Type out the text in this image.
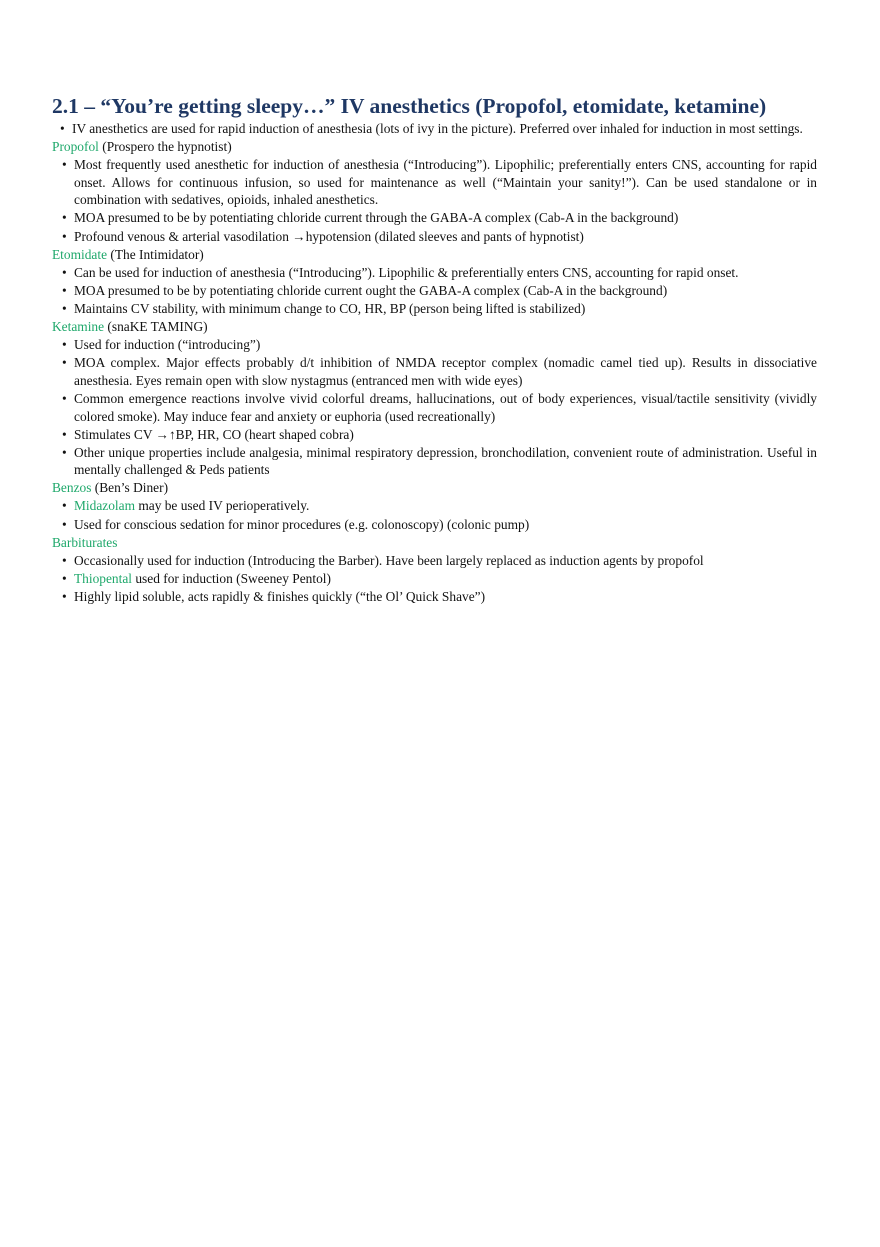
2.1 – “You’re getting sleepy…” IV anesthetics (Propofol, etomidate, ketamine)
• IV anesthetics are used for rapid induction of anesthesia (lots of ivy in the picture). Preferred over inhaled for induction in most settings.
Propofol (Prospero the hypnotist)
• Most frequently used anesthetic for induction of anesthesia (“Introducing”). Lipophilic; preferentially enters CNS, accounting for rapid onset. Allows for continuous infusion, so used for maintenance as well (“Maintain your sanity!”). Can be used standalone or in combination with sedatives, opioids, inhaled anesthetics.
• MOA presumed to be by potentiating chloride current through the GABA-A complex (Cab-A in the background)
• Profound venous & arterial vasodilation →hypotension (dilated sleeves and pants of hypnotist)
Etomidate (The Intimidator)
• Can be used for induction of anesthesia (“Introducing”). Lipophilic & preferentially enters CNS, accounting for rapid onset.
• MOA presumed to be by potentiating chloride current ought the GABA-A complex (Cab-A in the background)
• Maintains CV stability, with minimum change to CO, HR, BP (person being lifted is stabilized)
Ketamine (snaKE TAMING)
• Used for induction (“introducing”)
• MOA complex. Major effects probably d/t inhibition of NMDA receptor complex (nomadic camel tied up). Results in dissociative anesthesia. Eyes remain open with slow nystagmus (entranced men with wide eyes)
• Common emergence reactions involve vivid colorful dreams, hallucinations, out of body experiences, visual/tactile sensitivity (vividly colored smoke). May induce fear and anxiety or euphoria (used recreationally)
• Stimulates CV →↑BP, HR, CO (heart shaped cobra)
• Other unique properties include analgesia, minimal respiratory depression, bronchodilation, convenient route of administration. Useful in mentally challenged & Peds patients
Benzos (Ben’s Diner)
• Midazolam may be used IV perioperatively.
• Used for conscious sedation for minor procedures (e.g. colonoscopy) (colonic pump)
Barbiturates
• Occasionally used for induction (Introducing the Barber). Have been largely replaced as induction agents by propofol
• Thiopental used for induction (Sweeney Pentol)
• Highly lipid soluble, acts rapidly & finishes quickly (“the Ol’ Quick Shave”)
